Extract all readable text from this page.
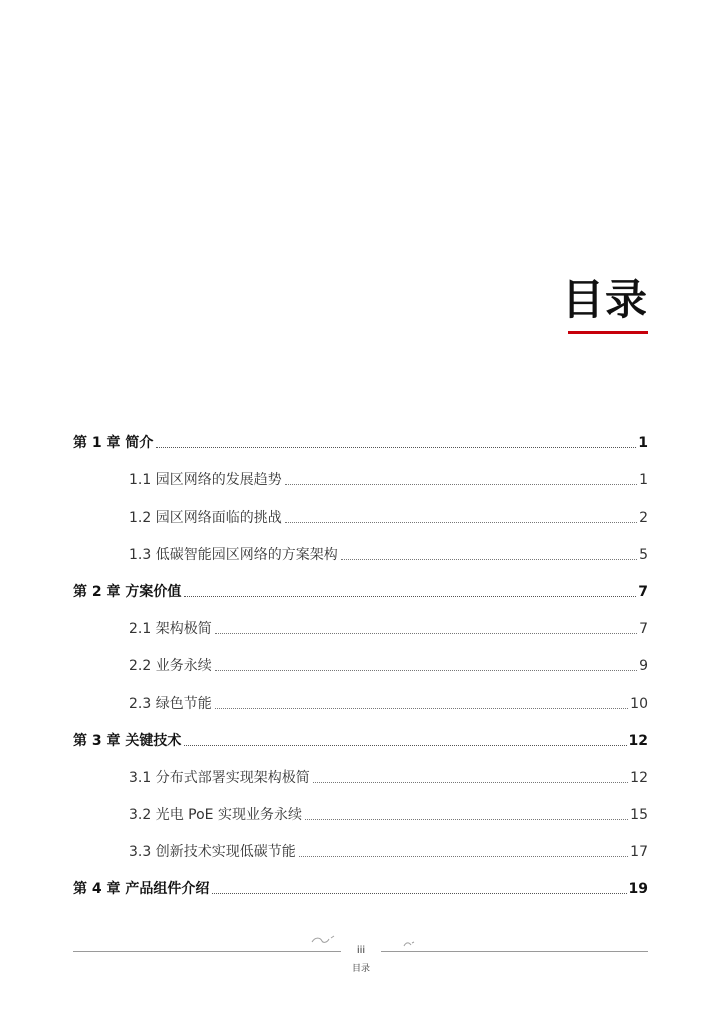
目录
第 1 章 简介	1
1.1 园区网络的发展趋势	1
1.2 园区网络面临的挑战	2
1.3 低碳智能园区网络的方案架构	5
第 2 章 方案价值	7
2.1 架构极简	7
2.2 业务永续	9
2.3 绿色节能	10
第 3 章 关键技术	12
3.1 分布式部署实现架构极简	12
3.2 光电 PoE 实现业务永续	15
3.3 创新技术实现低碳节能	17
第 4 章 产品组件介绍	19
iii
目录
